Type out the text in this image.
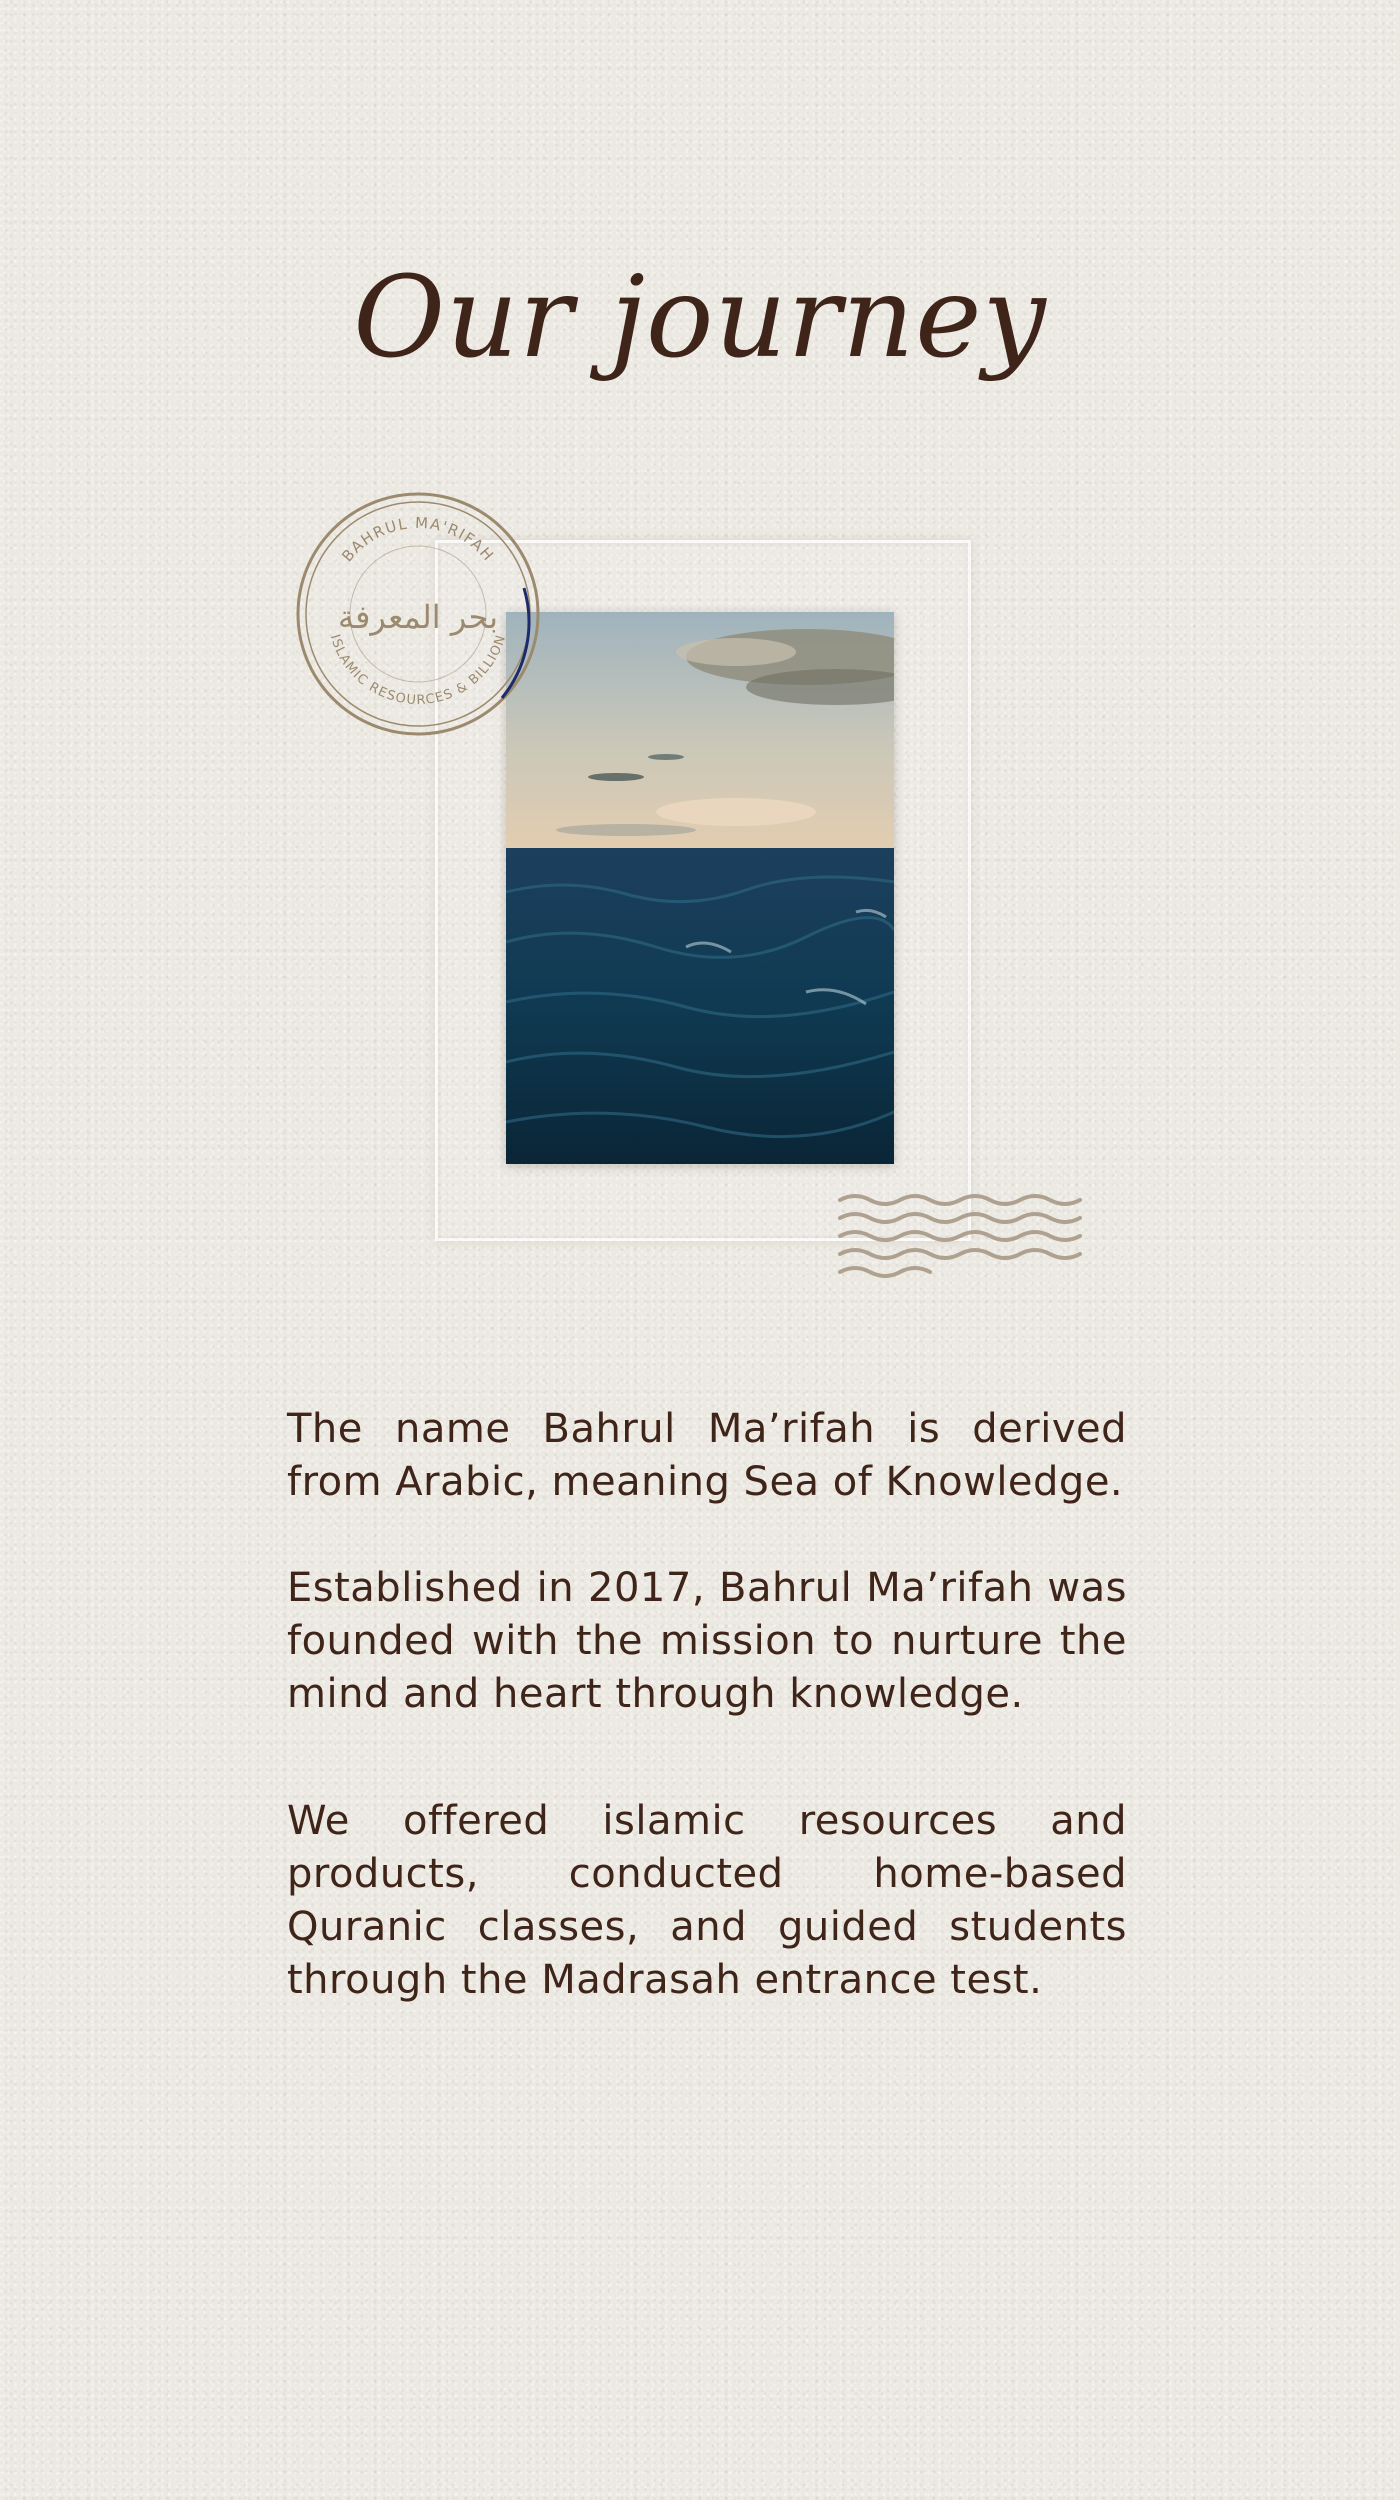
Our journey
BAHRUL MA'RIFAH
ISLAMIC RESOURCES & BILLION
بحر المعرفة

The name Bahrul Ma’rifah is derived from Arabic, meaning Sea of Knowledge.

Established in 2017, Bahrul Ma’rifah was founded with the mission to nurture the mind and heart through knowledge.

We offered islamic resources and products, conducted home-based Quranic classes, and guided students through the Madrasah entrance test.
